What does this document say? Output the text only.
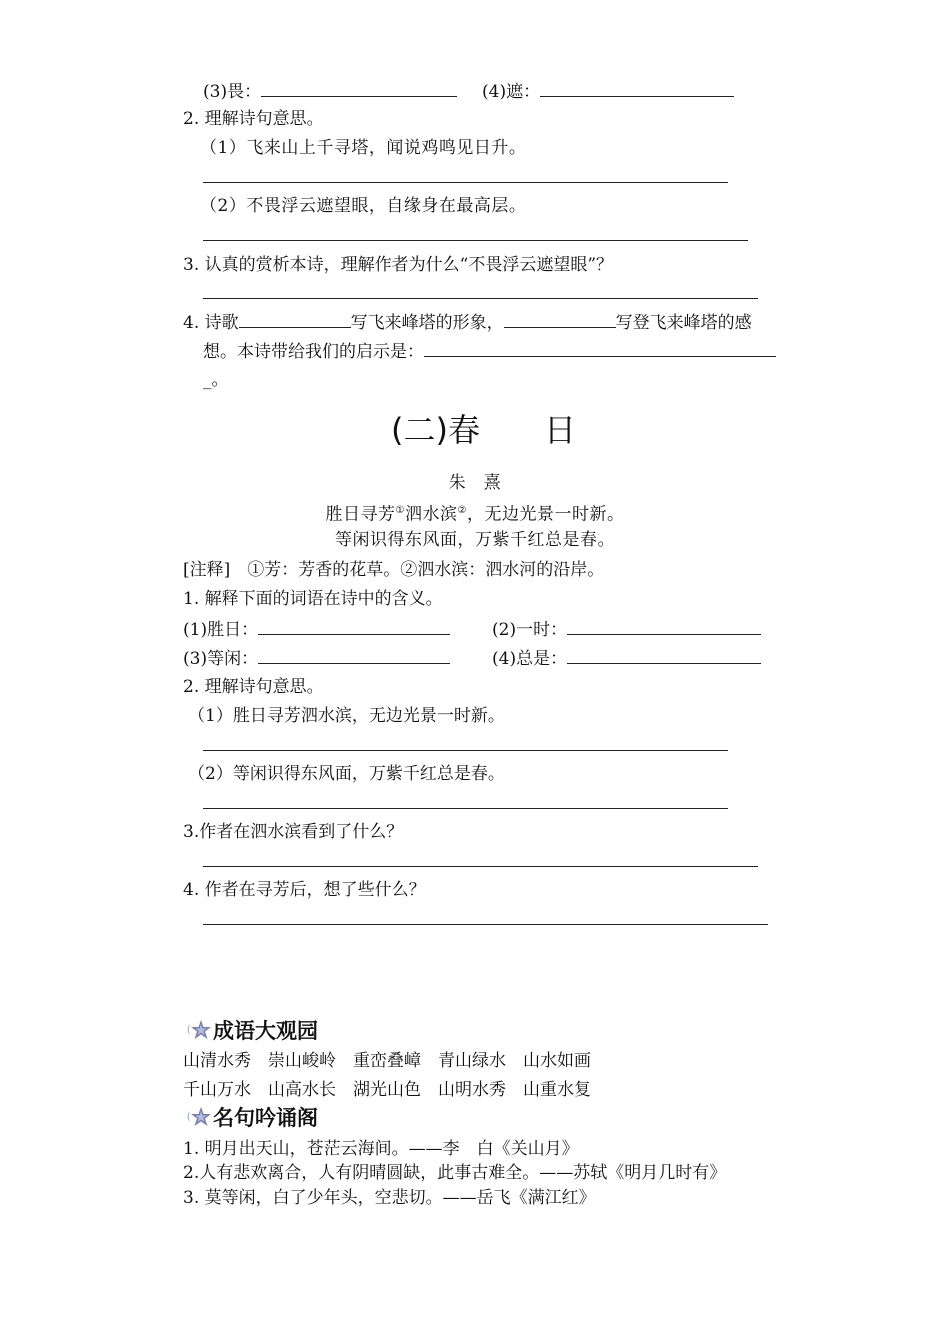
(3)畏：	(4)遮：
2. 理解诗句意思。
（1）飞来山上千寻塔，闻说鸡鸣见日升。
（2）不畏浮云遮望眼，自缘身在最高层。
3. 认真的赏析本诗，理解作者为什么“不畏浮云遮望眼”？
4. 诗歌	写飞来峰塔的形象，	写登飞来峰塔的感
想。本诗带给我们的启示是：
_。
(二)春　　日
朱　熹
胜日寻芳①泗水滨②，无边光景一时新。
等闲识得东风面，万紫千红总是春。
[注释]　①芳：芳香的花草。②泗水滨：泗水河的沿岸。
1. 解释下面的词语在诗中的含义。
(1)胜日：	(2)一时：
(3)等闲：	(4)总是：
2. 理解诗句意思。
（1）胜日寻芳泗水滨，无边光景一时新。
（2）等闲识得东风面，万紫千红总是春。
3.作者在泗水滨看到了什么？
4. 作者在寻芳后，想了些什么？
成语大观园
山清水秀　崇山峻岭　重峦叠嶂　青山绿水　山水如画
千山万水　山高水长　湖光山色　山明水秀　山重水复
名句吟诵阁
1. 明月出天山，苍茫云海间。——李　白《关山月》
2.人有悲欢离合，人有阴晴圆缺，此事古难全。——苏轼《明月几时有》
3. 莫等闲，白了少年头，空悲切。——岳飞《满江红》
